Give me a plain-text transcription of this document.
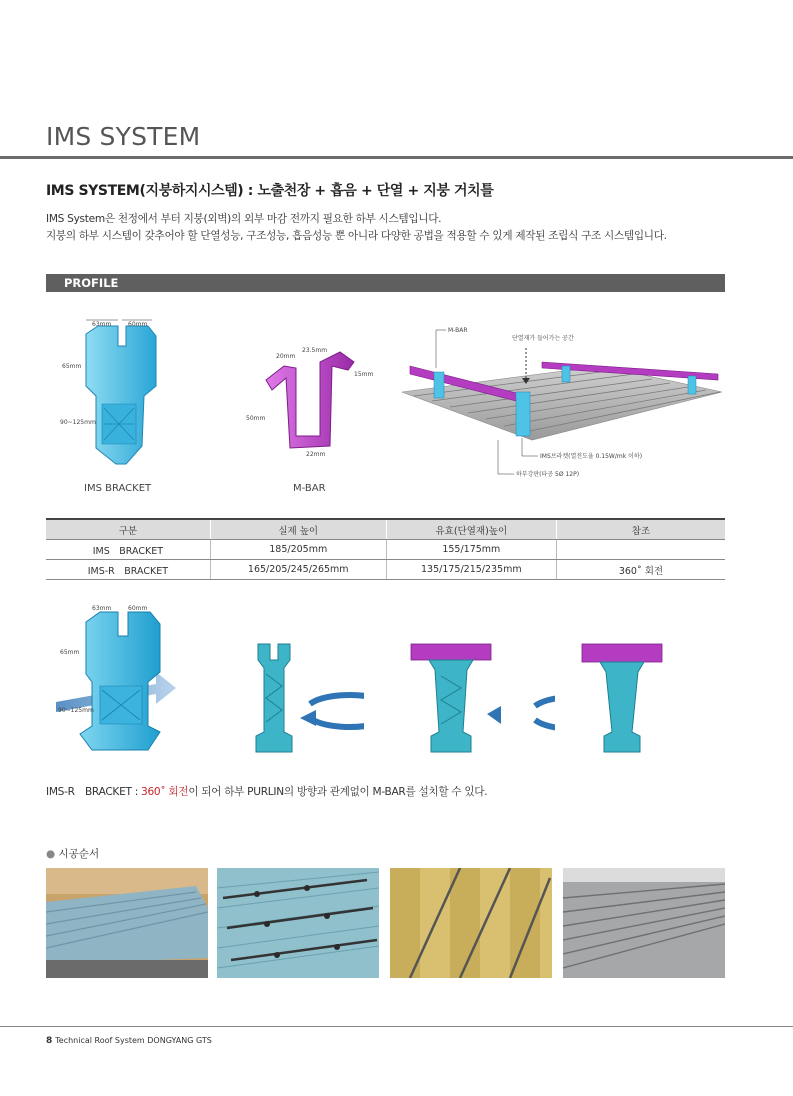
IMS SYSTEM
IMS SYSTEM(지붕하지시스템) : 노출천장 + 흡음 + 단열 + 지붕 거치틀
IMS System은 천정에서 부터 지붕(외벽)의 외부 마감 전까지 필요한 하부 시스템입니다.
지붕의 하부 시스템이 갖추어야 할 단열성능, 구조성능, 흡음성능 뿐 아니라 다양한 공법을 적용할 수 있게 제작된 조립식 구조 시스템입니다.
PROFILE
63mm	60mm
65mm
90~125mm
IMS BRACKET
20mm
23.5mm
15mm
50mm
22mm
M-BAR
M-BAR
단열재가 들어가는 공간
IMS브라켓(열전도율 0.15W/mk 이하)
하부강판(타공 5Ø 12P)
구분	실제 높이	유효(단열재)높이	참조
IMS　BRACKET	185/205mm	155/175mm	
IMS-R　BRACKET	165/205/245/265mm	135/175/215/235mm	360˚ 회전
63mm	60mm
65mm
90~125mm
IMS-R　BRACKET : 360˚ 회전이 되어 하부 PURLIN의 방향과 관계없이 M-BAR를 설치할 수 있다.
● 시공순서
8 Technical Roof System DONGYANG GTS
